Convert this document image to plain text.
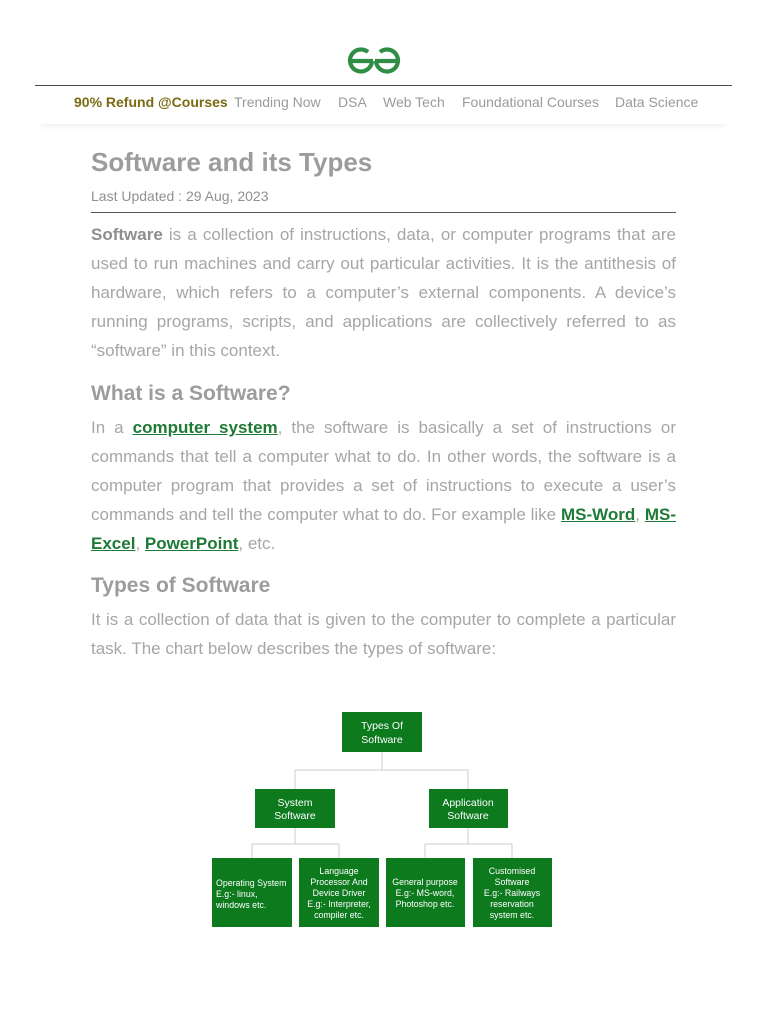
90% Refund @Courses Trending Now DSA Web Tech Foundational Courses Data Science
Software and its Types
Last Updated : 29 Aug, 2023

Software is a collection of instructions, data, or computer programs that are used to run machines and carry out particular activities. It is the antithesis of hardware, which refers to a computer’s external components. A device’s running programs, scripts, and applications are collectively referred to as “software” in this context.

What is a Software?

In a computer system, the software is basically a set of instructions or commands that tell a computer what to do. In other words, the software is a computer program that provides a set of instructions to execute a user’s commands and tell the computer what to do. For example like MS-Word, MS-Excel, PowerPoint, etc.

Types of Software

It is a collection of data that is given to the computer to complete a particular task. The chart below describes the types of software:

Types Of
Software
System
Software
Application
Software
Operating System
E.g:- linux,
windows etc.
Language
Processor And
Device Driver
E.g:- Interpreter,
compiler etc.
General purpose
E.g:- MS-word,
Photoshop etc.
Customised
Software
E.g:- Railways
reservation
system etc.
